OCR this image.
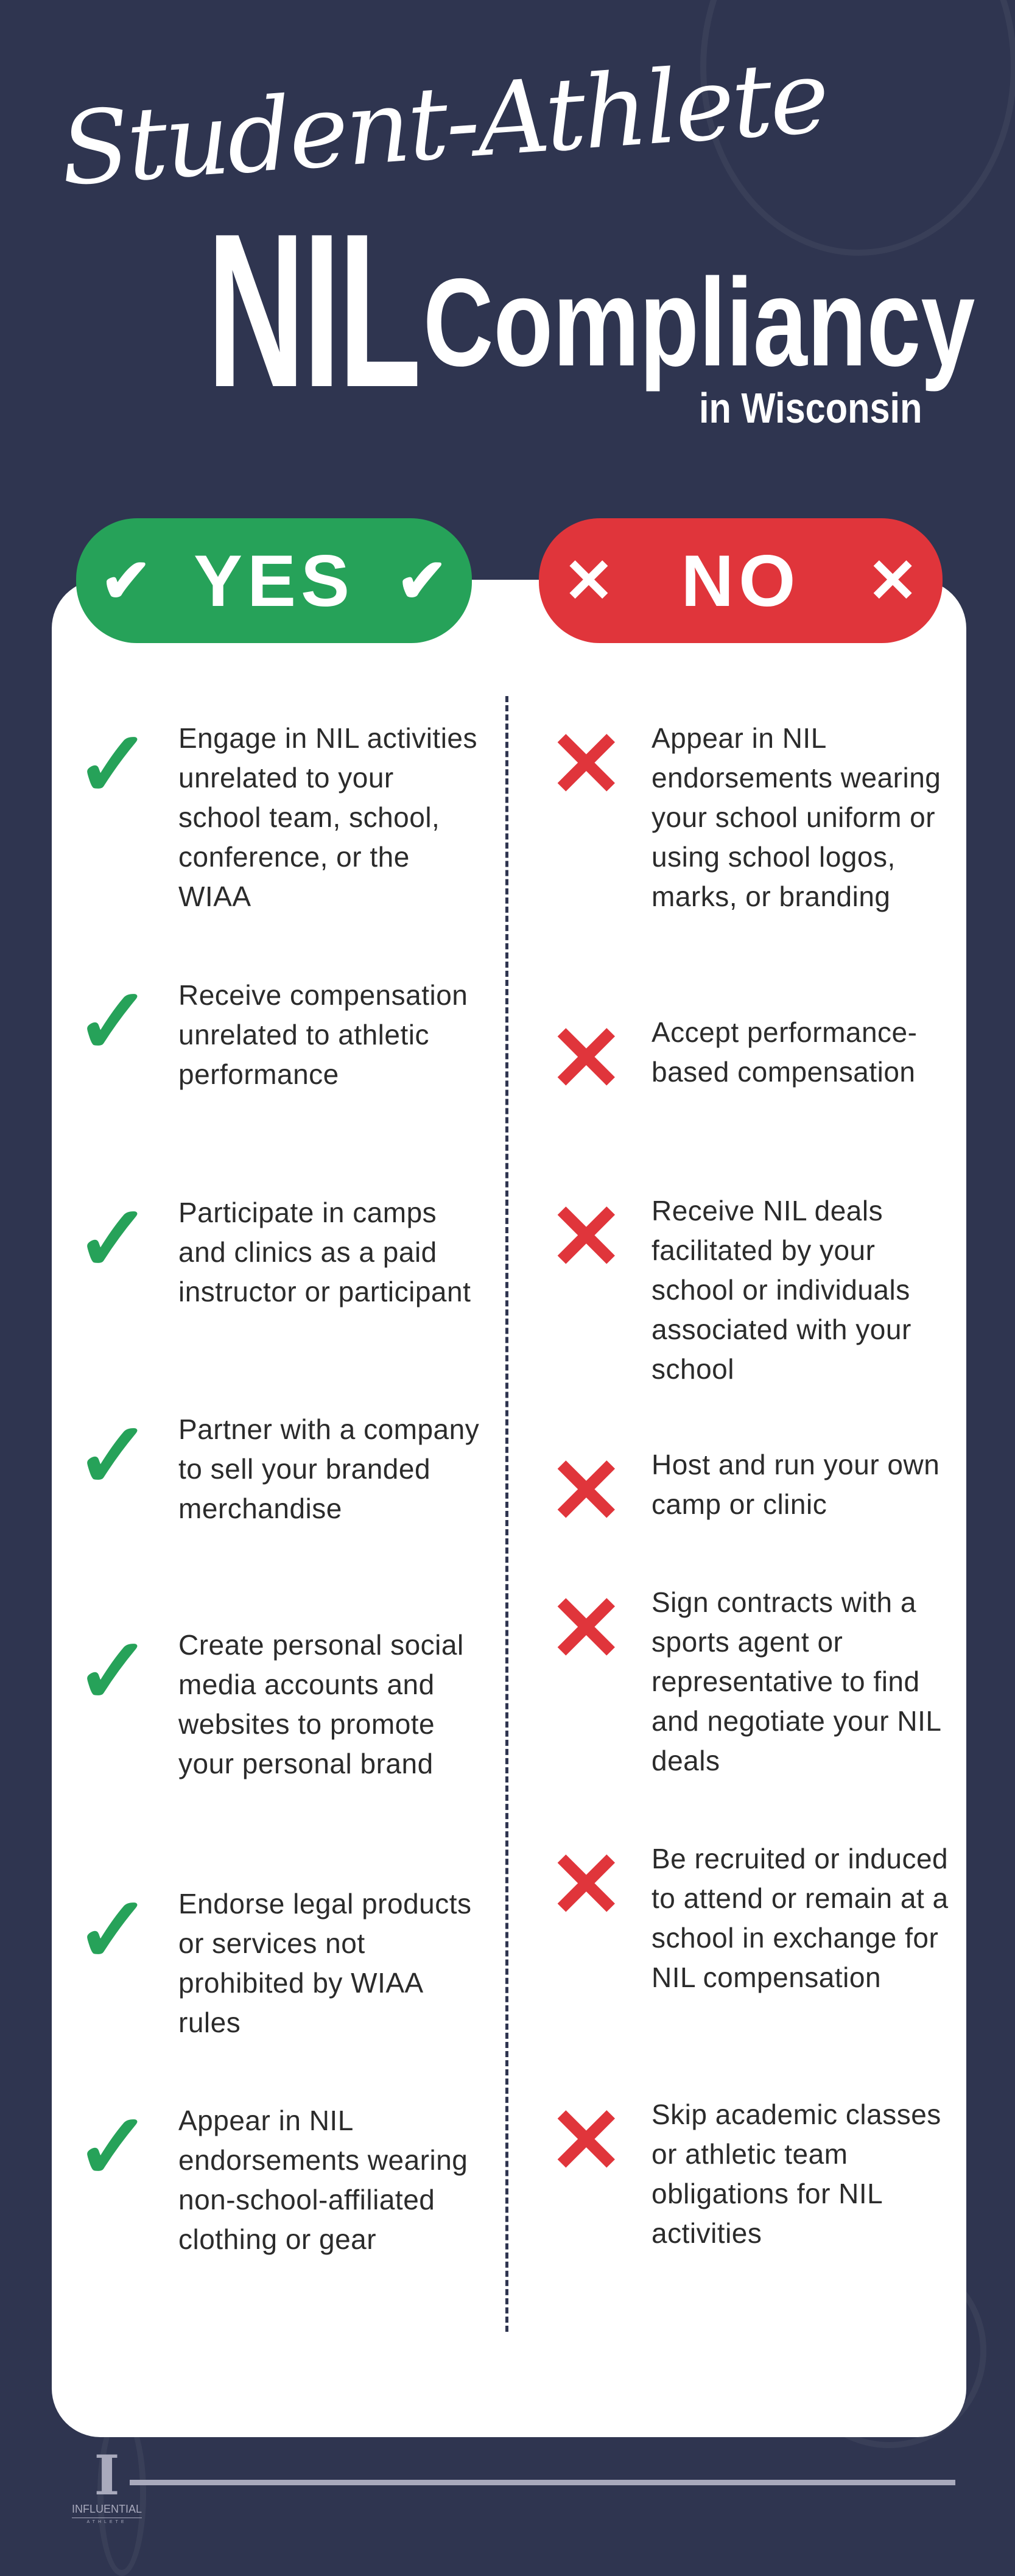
Student-Athlete
NIL Compliancy
in Wisconsin
✔ YES ✔ ✕ NO ✕
✓ Engage in NIL activities unrelated to your school team, school, conference, or the WIAA
✓ Receive compensation unrelated to athletic performance
✓ Participate in camps and clinics as a paid instructor or participant
✓ Partner with a company to sell your branded merchandise
✓ Create personal social media accounts and websites to promote your personal brand
✓ Endorse legal products or services not prohibited by WIAA rules
✓ Appear in NIL endorsements wearing non-school-affiliated clothing or gear
✕ Appear in NIL endorsements wearing your school uniform or using school logos, marks, or branding
✕ Accept performance-based compensation
✕ Receive NIL deals facilitated by your school or individuals associated with your school
✕ Host and run your own camp or clinic
✕ Sign contracts with a sports agent or representative to find and negotiate your NIL deals
✕ Be recruited or induced to attend or remain at a school in exchange for NIL compensation
✕ Skip academic classes or athletic team obligations for NIL activities
I
INFLUENTIAL
ATHLETE
